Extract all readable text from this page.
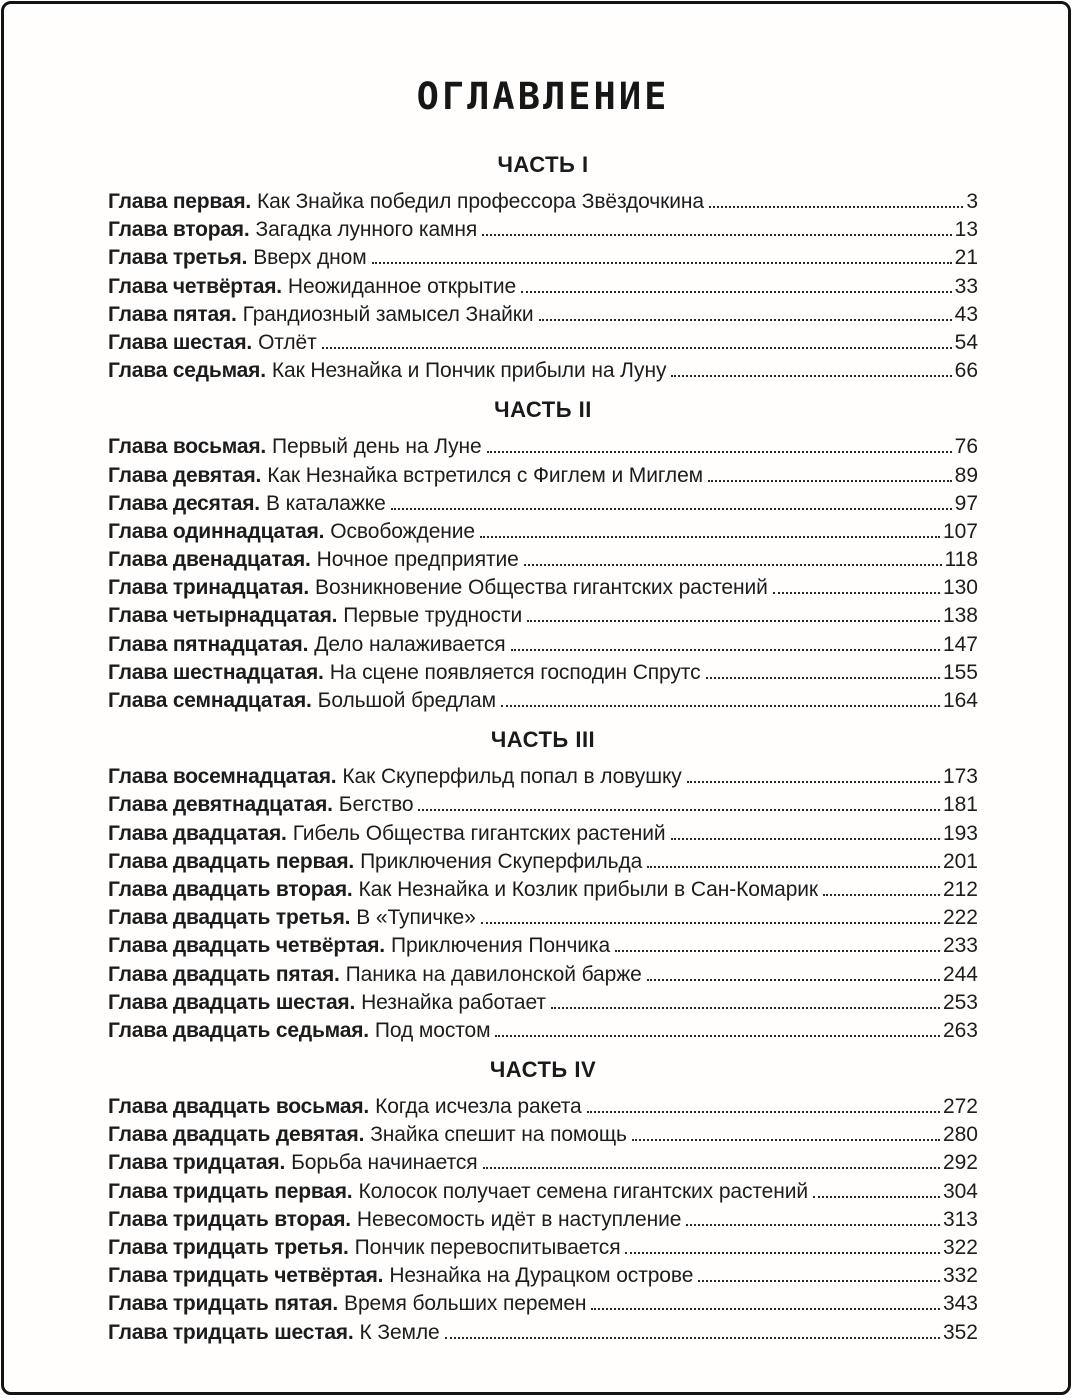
ОГЛАВЛЕНИЕ
ЧАСТЬ I
Глава первая. Как Знайка победил профессора Звёздочкина	3
Глава вторая. Загадка лунного камня	13
Глава третья. Вверх дном	21
Глава четвёртая. Неожиданное открытие	33
Глава пятая. Грандиозный замысел Знайки	43
Глава шестая. Отлёт	54
Глава седьмая. Как Незнайка и Пончик прибыли на Луну	66
ЧАСТЬ II
Глава восьмая. Первый день на Луне	76
Глава девятая. Как Незнайка встретился с Фиглем и Миглем	89
Глава десятая. В каталажке	97
Глава одиннадцатая. Освобождение	107
Глава двенадцатая. Ночное предприятие	118
Глава тринадцатая. Возникновение Общества гигантских растений	130
Глава четырнадцатая. Первые трудности	138
Глава пятнадцатая. Дело налаживается	147
Глава шестнадцатая. На сцене появляется господин Спрутс	155
Глава семнадцатая. Большой бредлам	164
ЧАСТЬ III
Глава восемнадцатая. Как Скуперфильд попал в ловушку	173
Глава девятнадцатая. Бегство	181
Глава двадцатая. Гибель Общества гигантских растений	193
Глава двадцать первая. Приключения Скуперфильда	201
Глава двадцать вторая. Как Незнайка и Козлик прибыли в Сан-Комарик	212
Глава двадцать третья. В «Тупичке»	222
Глава двадцать четвёртая. Приключения Пончика	233
Глава двадцать пятая. Паника на давилонской барже	244
Глава двадцать шестая. Незнайка работает	253
Глава двадцать седьмая. Под мостом	263
ЧАСТЬ IV
Глава двадцать восьмая. Когда исчезла ракета	272
Глава двадцать девятая. Знайка спешит на помощь	280
Глава тридцатая. Борьба начинается	292
Глава тридцать первая. Колосок получает семена гигантских растений	304
Глава тридцать вторая. Невесомость идёт в наступление	313
Глава тридцать третья. Пончик перевоспитывается	322
Глава тридцать четвёртая. Незнайка на Дурацком острове	332
Глава тридцать пятая. Время больших перемен	343
Глава тридцать шестая. К Земле	352
